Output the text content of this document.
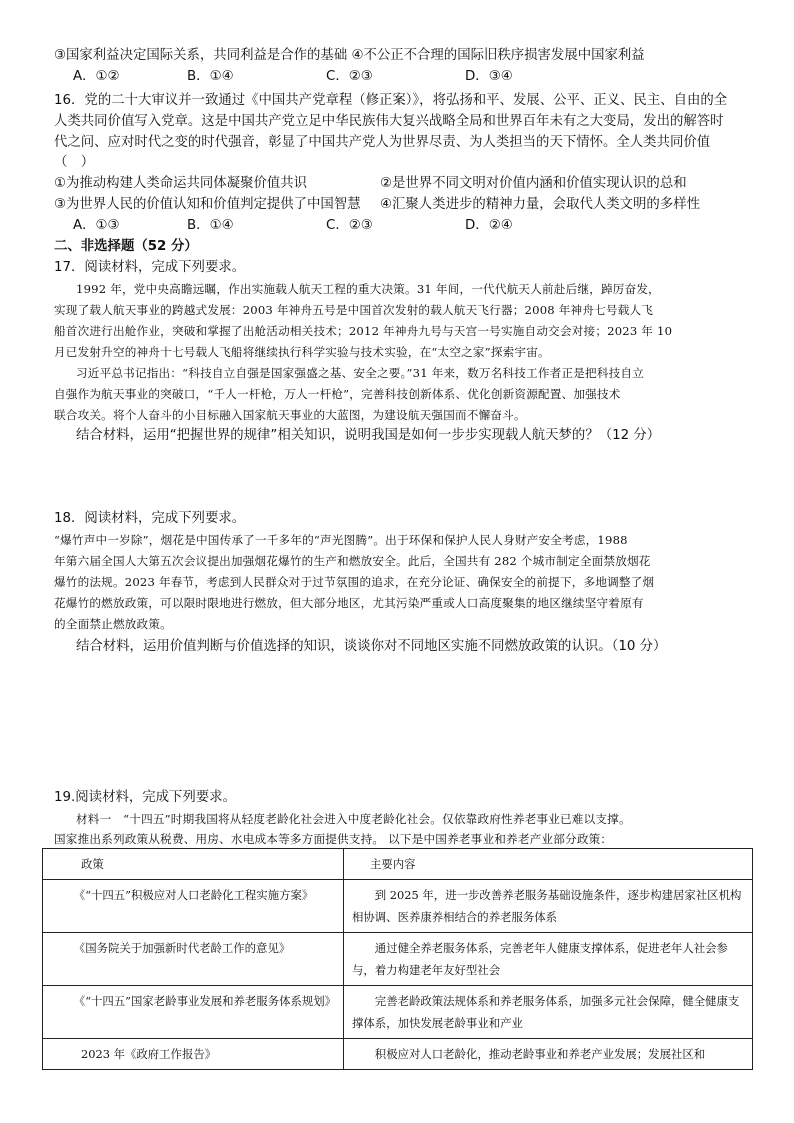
③国家利益决定国际关系，共同利益是合作的基础 ④不公正不合理的国际旧秩序损害发展中国家利益
A．①②	B．①④	C．②③	D．③④
16．党的二十大审议并一致通过《中国共产党章程（修正案）》，将弘扬和平、发展、公平、正义、民主、自由的全
人类共同价值写入党章。这是中国共产党立足中华民族伟大复兴战略全局和世界百年未有之大变局，发出的解答时
代之问、应对时代之变的时代强音，彰显了中国共产党人为世界尽责、为人类担当的天下情怀。全人类共同价值
（　）
①为推动构建人类命运共同体凝聚价值共识	②是世界不同文明对价值内涵和价值实现认识的总和
③为世界人民的价值认知和价值判定提供了中国智慧 ④汇聚人类进步的精神力量，会取代人类文明的多样性
A．①③	B．①④	C．②③	D．②④
二、非选择题（52 分）
17．阅读材料，完成下列要求。
1992 年，党中央高瞻远瞩，作出实施载人航天工程的重大决策。31 年间，一代代航天人前赴后继，踔厉奋发，
实现了载人航天事业的跨越式发展：2003 年神舟五号是中国首次发射的载人航天飞行器；2008 年神舟七号载人飞
船首次进行出舱作业，突破和掌握了出舱活动相关技术；2012 年神舟九号与天宫一号实施自动交会对接；2023 年 10
月已发射升空的神舟十七号载人飞船将继续执行科学实验与技术实验，在“太空之家”探索宇宙。
习近平总书记指出：“科技自立自强是国家强盛之基、安全之要。”31 年来，数万名科技工作者正是把科技自立
自强作为航天事业的突破口，“千人一杆枪，万人一杆枪”，完善科技创新体系、优化创新资源配置、加强技术
联合攻关。将个人奋斗的小目标融入国家航天事业的大蓝图，为建设航天强国而不懈奋斗。
结合材料，运用“把握世界的规律”相关知识，说明我国是如何一步步实现载人航天梦的？（12 分）
18．阅读材料，完成下列要求。
“爆竹声中一岁除”，烟花是中国传承了一千多年的“声光图腾”。出于环保和保护人民人身财产安全考虑，1988
年第六届全国人大第五次会议提出加强烟花爆竹的生产和燃放安全。此后，全国共有 282 个城市制定全面禁放烟花
爆竹的法规。2023 年春节，考虑到人民群众对于过节氛围的追求，在充分论证、确保安全的前提下，多地调整了烟
花爆竹的燃放政策，可以限时限地进行燃放，但大部分地区，尤其污染严重或人口高度聚集的地区继续坚守着原有
的全面禁止燃放政策。
结合材料，运用价值判断与价值选择的知识，谈谈你对不同地区实施不同燃放政策的认识。（10 分）
19.阅读材料，完成下列要求。
材料一　“十四五”时期我国将从轻度老龄化社会进入中度老龄化社会。仅依靠政府性养老事业已难以支撑。
国家推出系列政策从税费、用房、水电成本等多方面提供支持。 以下是中国养老事业和养老产业部分政策：
政策	主要内容
《“十四五”积极应对人口老龄化工程实施方案》	到 2025 年，进一步改善养老服务基础设施条件，逐步构建居家社区机构相协调、医养康养相结合的养老服务体系
《国务院关于加强新时代老龄工作的意见》	通过健全养老服务体系，完善老年人健康支撑体系，促进老年人社会参与，着力构建老年友好型社会
《“十四五”国家老龄事业发展和养老服务体系规划》	完善老龄政策法规体系和养老服务体系，加强多元社会保障，健全健康支撑体系，加快发展老龄事业和产业
2023 年《政府工作报告》	积极应对人口老龄化，推动老龄事业和养老产业发展；发展社区和
